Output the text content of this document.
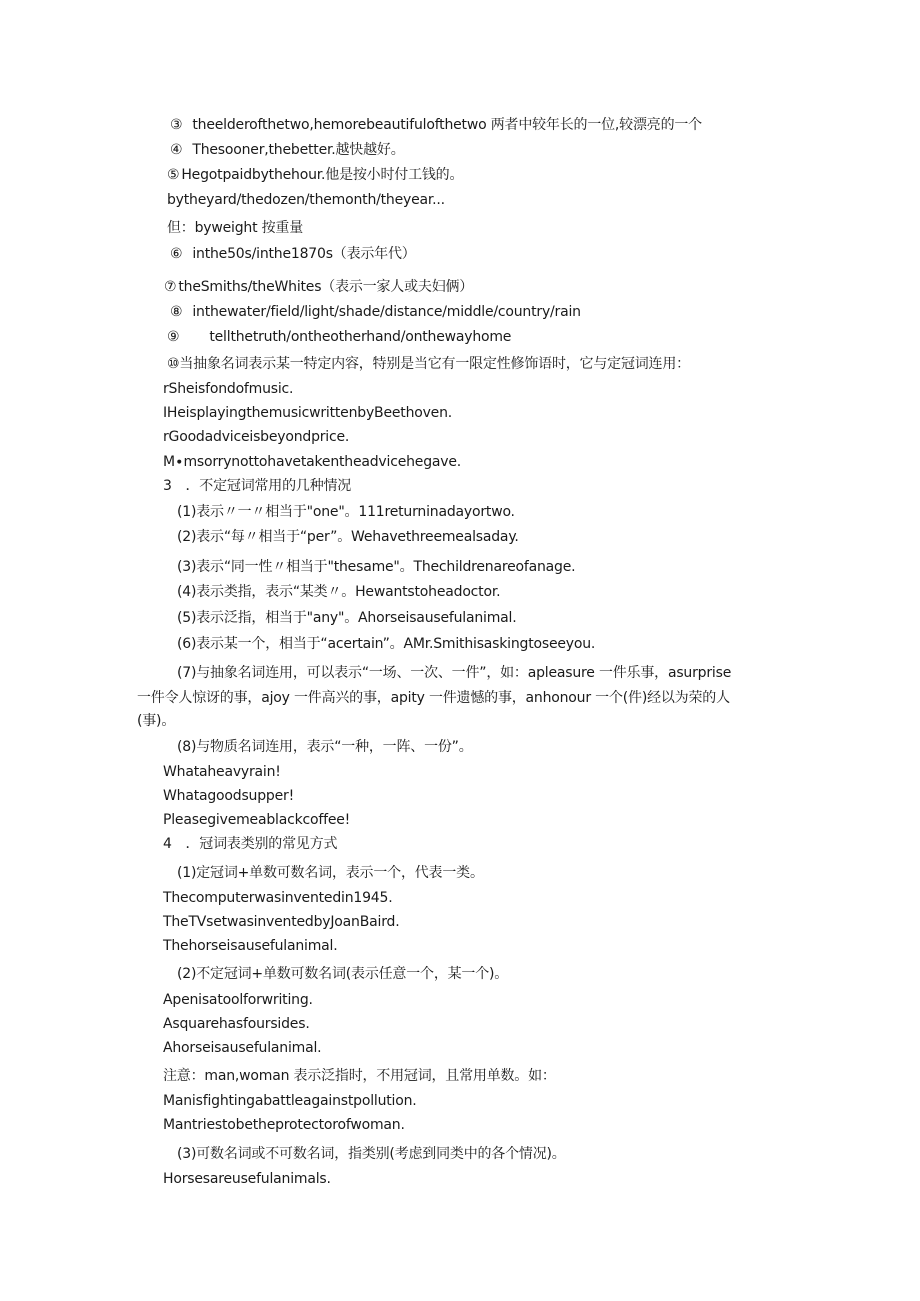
③ theelderofthetwo,hemorebeautifulofthetwo 两者中较年长的一位,较漂亮的一个
④ Thesooner,thebetter.越快越好。
⑤ Hegotpaidbythehour.他是按小时付工钱的。
bytheyard/thedozen/themonth/theyear...
但：byweight 按重量
⑥ inthe50s/inthe1870s（表示年代）
⑦ theSmiths/theWhites（表示一家人或夫妇俩）
⑧ inthewater/field/light/shade/distance/middle/country/rain
⑨ tellthetruth/ontheotherhand/onthewayhome
⑩当抽象名词表示某一特定内容，特别是当它有一限定性修饰语时，它与定冠词连用：
rSheisfondofmusic.
IHeisplayingthemusicwrittenbyBeethoven.
rGoodadviceisbeyondprice.
M∙msorrynottohavetakentheadvicehegave.
3　．不定冠词常用的几种情况
(1)表示〃一〃相当于"one"。111returninadayortwo.
(2)表示“每〃相当于“per”。Wehavethreemealsaday.
(3)表示“同一性〃相当于"thesame"。Thechildrenareofanage.
(4)表示类指，表示“某类〃。Hewantstoheadoctor.
(5)表示泛指，相当于"any"。Ahorseisausefulanimal.
(6)表示某一个，相当于“acertain”。AMr.Smithisaskingtoseeyou.
(7)与抽象名词连用，可以表示“一场、一次、一件”，如：apleasure 一件乐事，asurprise
一件令人惊讶的事，ajoy 一件高兴的事，apity 一件遗憾的事，anhonour 一个(件)经以为荣的人
(事)。
(8)与物质名词连用，表示“一种，一阵、一份”。
Whataheavyrain!
Whatagoodsupper!
Pleasegivemeablackcoffee!
4　．冠词表类别的常见方式
(1)定冠词+单数可数名词，表示一个，代表一类。
Thecomputerwasinventedin1945.
TheTVsetwasinventedbyJoanBaird.
Thehorseisausefulanimal.
(2)不定冠词+单数可数名词(表示任意一个，某一个)。
Apenisatoolforwriting.
Asquarehasfoursides.
Ahorseisausefulanimal.
注意：man,woman 表示泛指时，不用冠词，且常用单数。如：
Manisfightingabattleagainstpollution.
Mantriestobetheprotectorofwoman.
(3)可数名词或不可数名词，指类别(考虑到同类中的各个情况)。
Horsesareusefulanimals.
